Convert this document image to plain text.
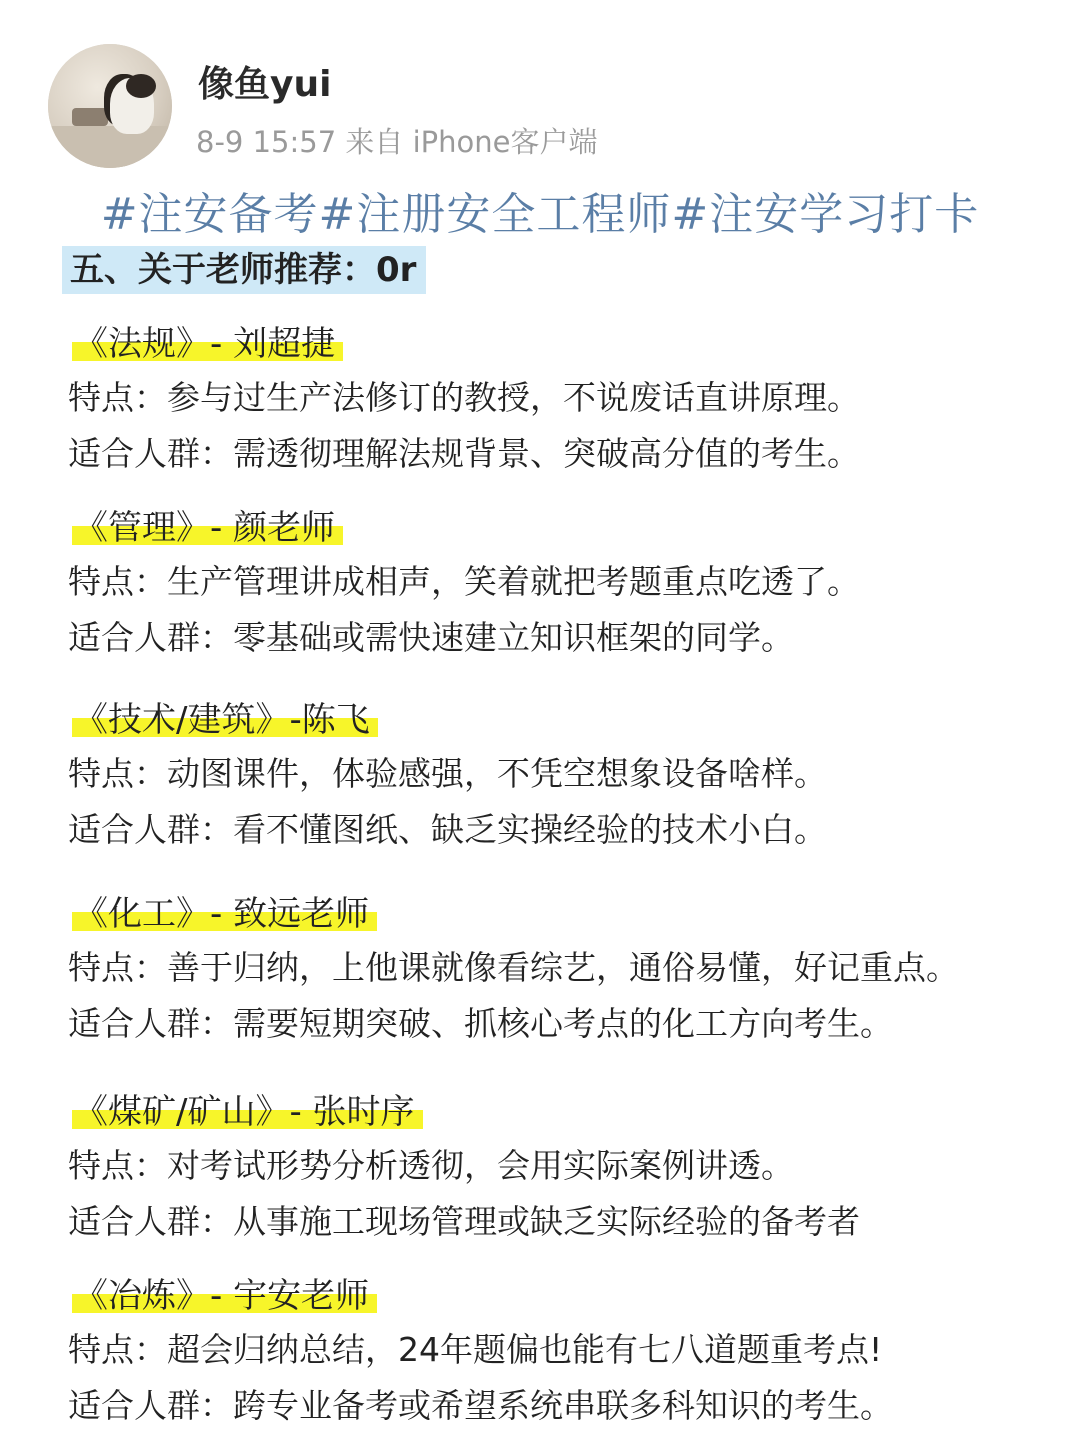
像鱼yui
8-9 15:57 来自 iPhone客户端
#注安备考#注册安全工程师#注安学习打卡
五、关于老师推荐：0r
《法规》- 刘超捷
特点：参与过生产法修订的教授，不说废话直讲原理。
适合人群：需透彻理解法规背景、突破高分值的考生。
《管理》- 颜老师
特点：生产管理讲成相声，笑着就把考题重点吃透了。
适合人群：零基础或需快速建立知识框架的同学。
《技术/建筑》-陈飞
特点：动图课件，体验感强，不凭空想象设备啥样。
适合人群：看不懂图纸、缺乏实操经验的技术小白。
《化工》- 致远老师
特点：善于归纳，上他课就像看综艺，通俗易懂，好记重点。
适合人群：需要短期突破、抓核心考点的化工方向考生。
《煤矿/矿山》- 张时序
特点：对考试形势分析透彻，会用实际案例讲透。
适合人群：从事施工现场管理或缺乏实际经验的备考者
《冶炼》- 宇安老师
特点：超会归纳总结，24年题偏也能有七八道题重考点!
适合人群：跨专业备考或希望系统串联多科知识的考生。
